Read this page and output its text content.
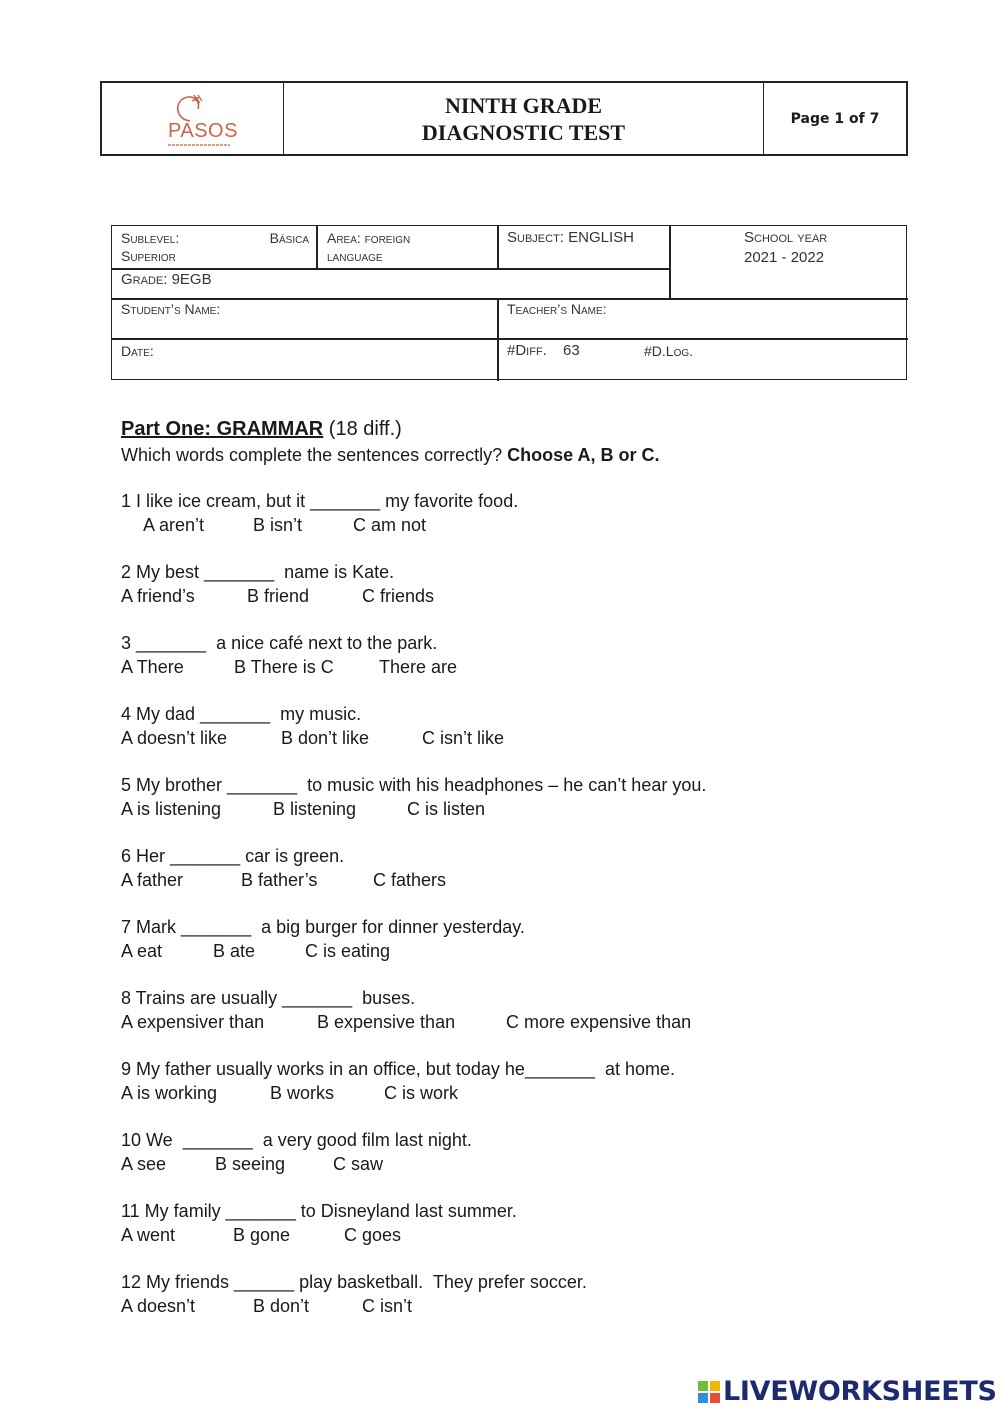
PASOS
NINTH GRADE
DIAGNOSTIC TEST
Page 1 of 7
Sublevel:	Básica
Superior
Area: foreign
language
Subject: ENGLISH	School year
2021 - 2022
Grade: 9EGB
Student’s Name:	Teacher’s Name:
Date:	#Diff. 63	#D.Log.
Part One: GRAMMAR (18 diff.)
Which words complete the sentences correctly? Choose A, B or C.
1 I like ice cream, but it _______ my favorite food.
A aren’t	B isn’t	C am not
2 My best _______  name is Kate.
A friend’s	B friend	C friends
3 _______  a nice café next to the park.
A There	B There is C	There are
4 My dad _______  my music.
A doesn’t like	B don’t like	C isn’t like
5 My brother _______  to music with his headphones – he can’t hear you.
A is listening	B listening	C is listen
6 Her _______ car is green.
A father	B father’s	C fathers
7 Mark _______  a big burger for dinner yesterday.
A eat	B ate	C is eating
8 Trains are usually _______  buses.
A expensiver than	B expensive than	C more expensive than
9 My father usually works in an office, but today he_______  at home.
A is working	B works	C is work
10 We  _______  a very good film last night.
A see	B seeing	C saw
11 My family _______ to Disneyland last summer.
A went	B gone	C goes
12 My friends ______ play basketball.  They prefer soccer.
A doesn’t	B don’t	C isn’t
LIVEWORKSHEETS
